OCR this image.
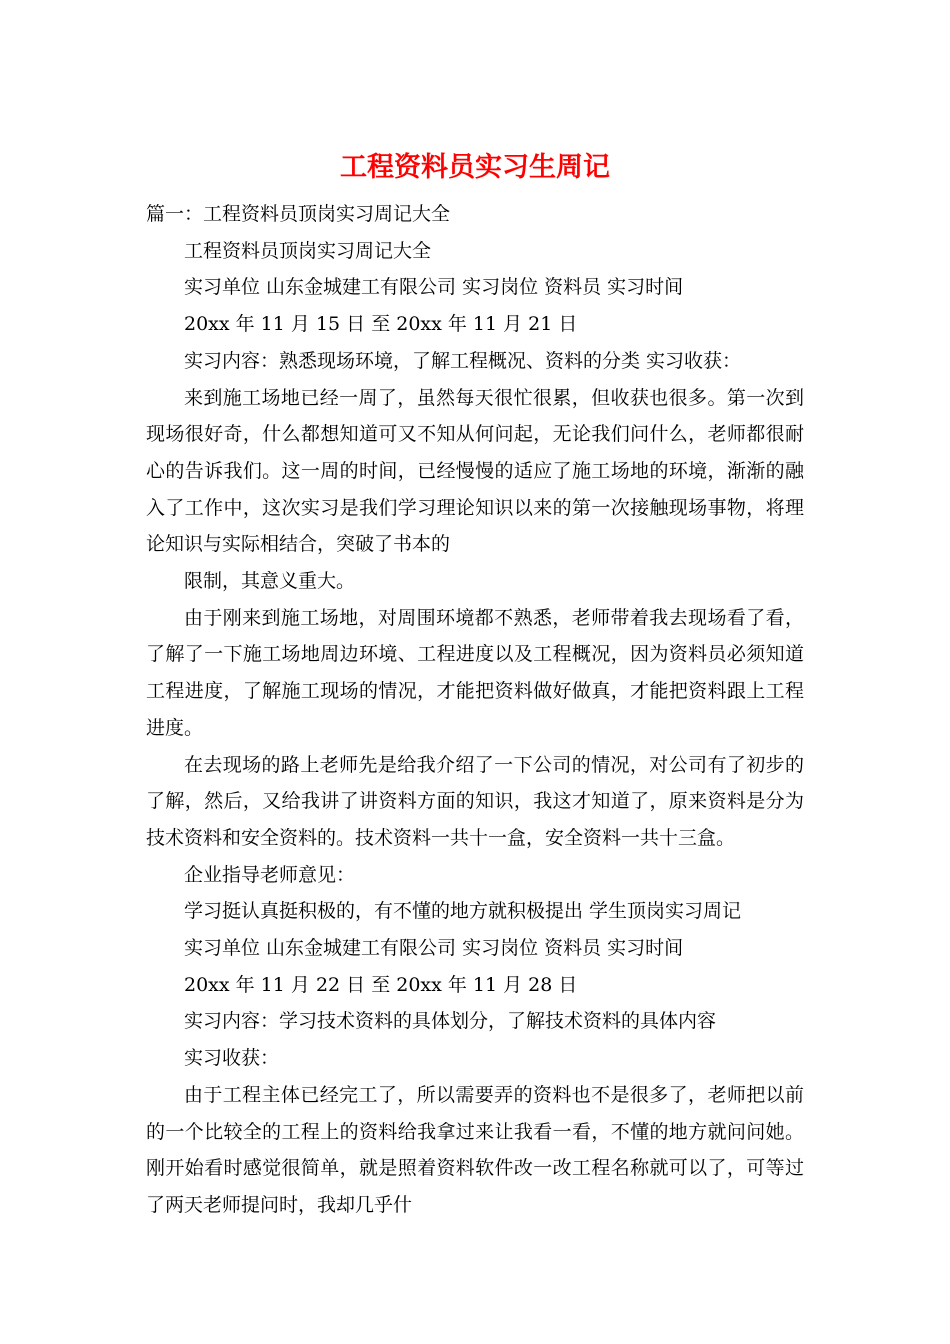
工程资料员实习生周记

篇一：工程资料员顶岗实习周记大全

工程资料员顶岗实习周记大全

实习单位 山东金城建工有限公司 实习岗位 资料员 实习时间

20xx 年 11 月 15 日 至 20xx 年 11 月 21 日

实习内容：熟悉现场环境，了解工程概况、资料的分类 实习收获：

来到施工场地已经一周了，虽然每天很忙很累，但收获也很多。第一次到现场很好奇，什么都想知道可又不知从何问起，无论我们问什么，老师都很耐心的告诉我们。这一周的时间，已经慢慢的适应了施工场地的环境，渐渐的融入了工作中，这次实习是我们学习理论知识以来的第一次接触现场事物，将理论知识与实际相结合，突破了书本的

限制，其意义重大。

由于刚来到施工场地，对周围环境都不熟悉，老师带着我去现场看了看，了解了一下施工场地周边环境、工程进度以及工程概况，因为资料员必须知道工程进度，了解施工现场的情况，才能把资料做好做真，才能把资料跟上工程进度。

在去现场的路上老师先是给我介绍了一下公司的情况，对公司有了初步的了解，然后，又给我讲了讲资料方面的知识，我这才知道了，原来资料是分为技术资料和安全资料的。技术资料一共十一盒，安全资料一共十三盒。

企业指导老师意见：

学习挺认真挺积极的，有不懂的地方就积极提出 学生顶岗实习周记

实习单位 山东金城建工有限公司 实习岗位 资料员 实习时间

20xx 年 11 月 22 日 至 20xx 年 11 月 28 日

实习内容：学习技术资料的具体划分，了解技术资料的具体内容

实习收获：

由于工程主体已经完工了，所以需要弄的资料也不是很多了，老师把以前的一个比较全的工程上的资料给我拿过来让我看一看，不懂的地方就问问她。刚开始看时感觉很简单，就是照着资料软件改一改工程名称就可以了，可等过了两天老师提问时，我却几乎什
